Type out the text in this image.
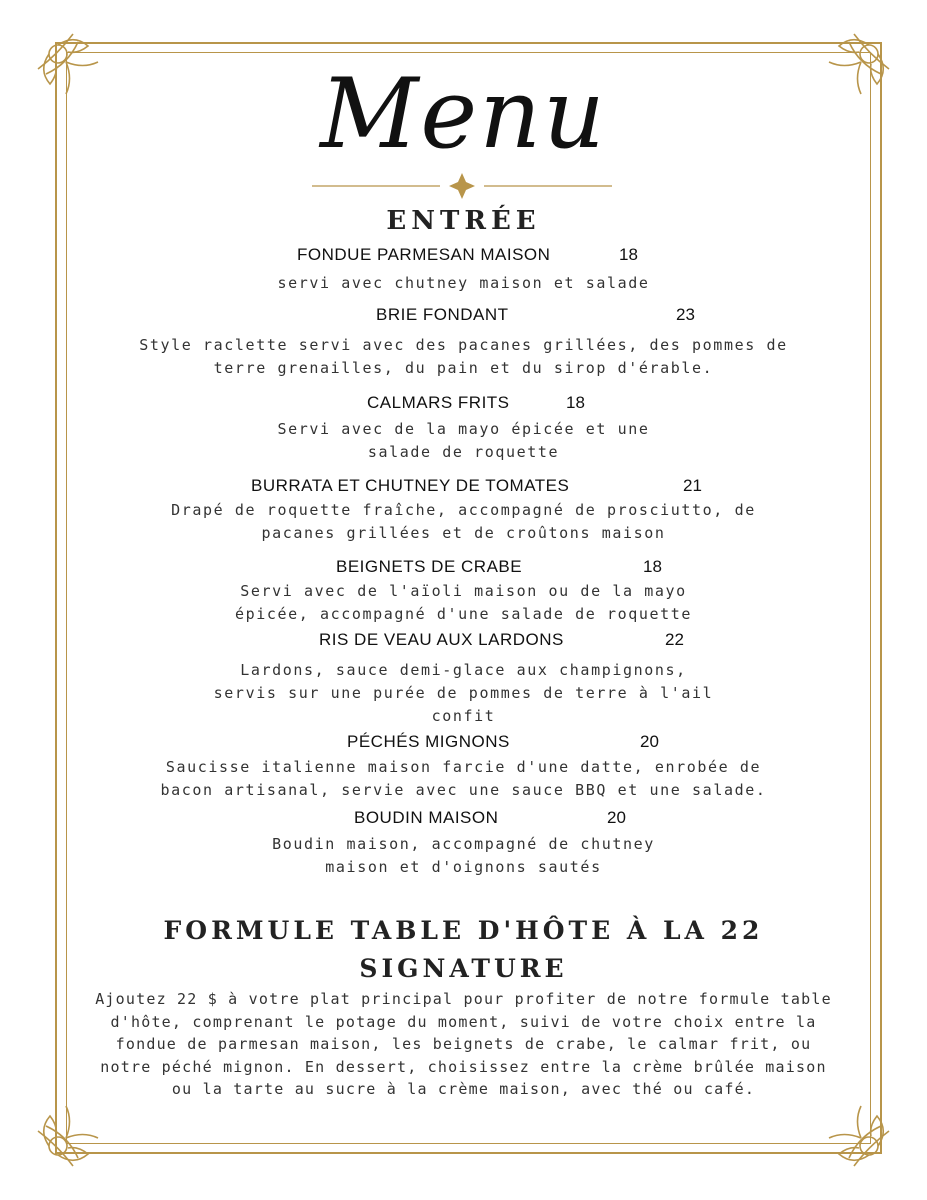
Menu
ENTRÉE
FONDUE PARMESAN MAISON	18
servi avec chutney maison et salade
BRIE FONDANT	23
Style raclette servi avec des pacanes grillées, des pommes de
terre grenailles, du pain et du sirop d'érable.
CALMARS FRITS	18
Servi avec de la mayo épicée et une
salade de roquette
BURRATA ET CHUTNEY DE TOMATES	21
Drapé de roquette fraîche, accompagné de prosciutto, de
pacanes grillées et de croûtons maison
BEIGNETS DE CRABE	18
Servi avec de l'aïoli maison ou de la mayo
épicée, accompagné d'une salade de roquette
RIS DE VEAU AUX LARDONS	22
Lardons, sauce demi-glace aux champignons,
servis sur une purée de pommes de terre à l'ail
confit
PÉCHÉS MIGNONS	20
Saucisse italienne maison farcie d'une datte, enrobée de
bacon artisanal, servie avec une sauce BBQ et une salade.
BOUDIN MAISON	20
Boudin maison, accompagné de chutney
maison et d'oignons sautés
FORMULE TABLE D'HÔTE À LA 22
SIGNATURE
Ajoutez 22 $ à votre plat principal pour profiter de notre formule table d'hôte, comprenant le potage du moment, suivi de votre choix entre la fondue de parmesan maison, les beignets de crabe, le calmar frit, ou notre péché mignon. En dessert, choisissez entre la crème brûlée maison ou la tarte au sucre à la crème maison, avec thé ou café.
